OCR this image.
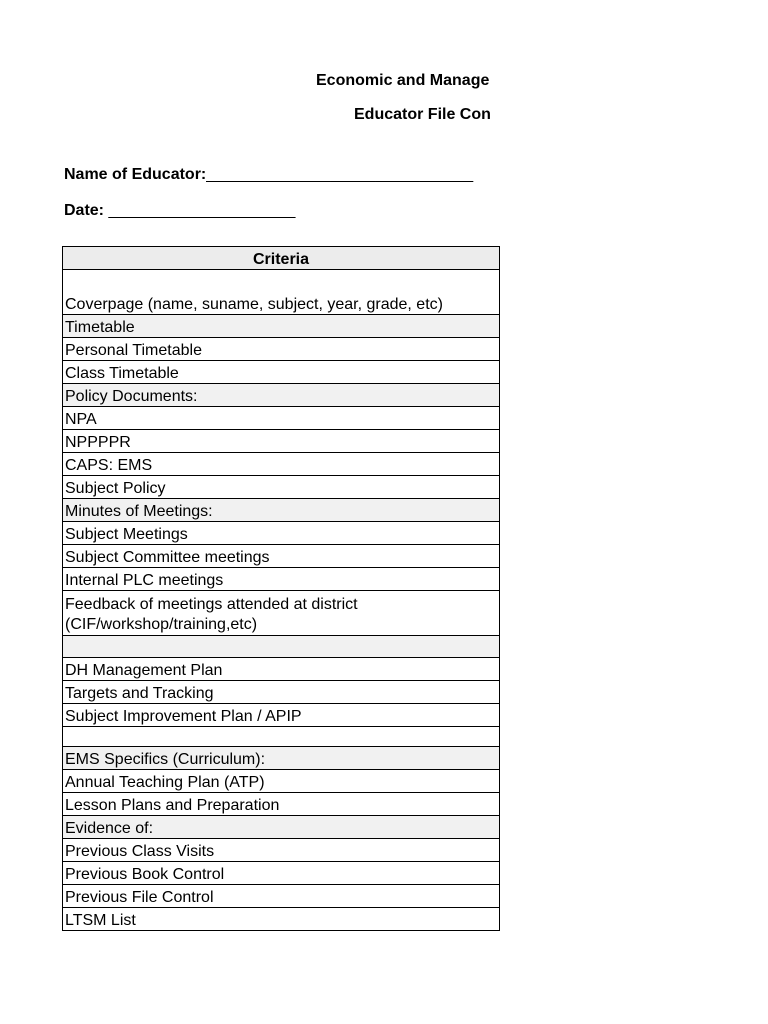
Economic and Manage
Educator File Con
Name of Educator:______________________________
Date: _____________________
Criteria
Coverpage (name, suname, subject, year, grade, etc)
Timetable
Personal Timetable
Class Timetable
Policy Documents:
NPA
NPPPPR
CAPS: EMS
Subject Policy
Minutes of Meetings:
Subject Meetings
Subject Committee meetings
Internal PLC meetings
Feedback of meetings attended at district (CIF/workshop/training,etc)

DH Management Plan
Targets and Tracking
Subject Improvement Plan / APIP

EMS Specifics (Curriculum):
Annual Teaching Plan (ATP)
Lesson Plans and Preparation
Evidence of:
Previous Class Visits
Previous Book Control
Previous File Control
LTSM List
